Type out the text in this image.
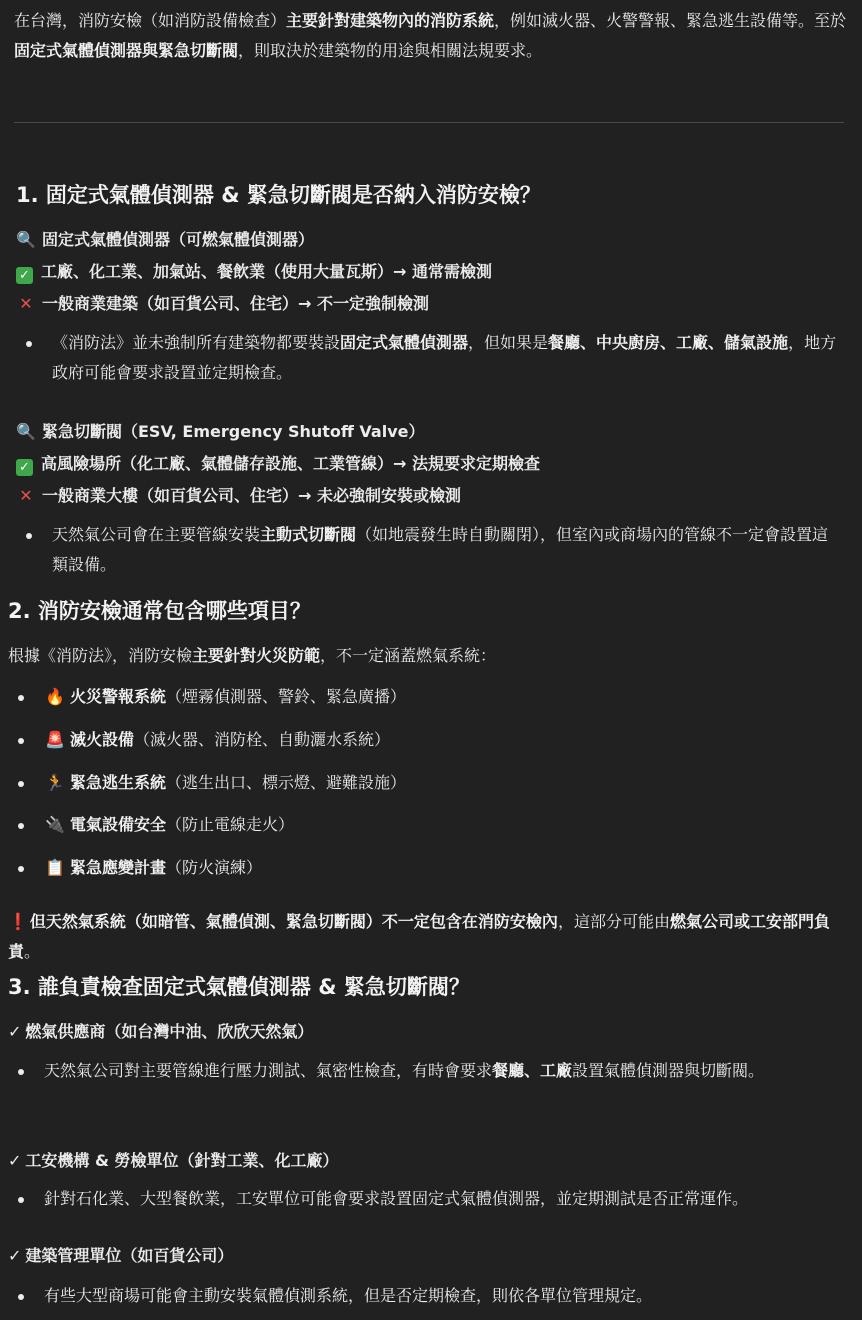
在台灣，消防安檢（如消防設備檢查）主要針對建築物內的消防系統，例如滅火器、火警警報、緊急逃生設備等。至於固定式氣體偵測器與緊急切斷閥，則取決於建築物的用途與相關法規要求。

1. 固定式氣體偵測器 & 緊急切斷閥是否納入消防安檢？
🔍 固定式氣體偵測器（可燃氣體偵測器）
✓ 工廠、化工業、加氣站、餐飲業（使用大量瓦斯）→ 通常需檢測
✕ 一般商業建築（如百貨公司、住宅）→ 不一定強制檢測

《消防法》並未強制所有建築物都要裝設固定式氣體偵測器，但如果是餐廳、中央廚房、工廠、儲氣設施，地方政府可能會要求設置並定期檢查。

🔍 緊急切斷閥（ESV, Emergency Shutoff Valve）
✓ 高風險場所（化工廠、氣體儲存設施、工業管線）→ 法規要求定期檢查
✕ 一般商業大樓（如百貨公司、住宅）→ 未必強制安裝或檢測

天然氣公司會在主要管線安裝主動式切斷閥（如地震發生時自動關閉），但室內或商場內的管線不一定會設置這類設備。

2. 消防安檢通常包含哪些項目？

根據《消防法》，消防安檢主要針對火災防範，不一定涵蓋燃氣系統：

🔥 火災警報系統（煙霧偵測器、警鈴、緊急廣播）
🚨 滅火設備（滅火器、消防栓、自動灑水系統）
🏃 緊急逃生系統（逃生出口、標示燈、避難設施）
🔌 電氣設備安全（防止電線走火）
📋 緊急應變計畫（防火演練）

❗ 但天然氣系統（如暗管、氣體偵測、緊急切斷閥）不一定包含在消防安檢內，這部分可能由燃氣公司或工安部門負責。

3. 誰負責檢查固定式氣體偵測器 & 緊急切斷閥？
✓ 燃氣供應商（如台灣中油、欣欣天然氣）

天然氣公司對主要管線進行壓力測試、氣密性檢查，有時會要求餐廳、工廠設置氣體偵測器與切斷閥。

✓ 工安機構 & 勞檢單位（針對工業、化工廠）

針對石化業、大型餐飲業，工安單位可能會要求設置固定式氣體偵測器，並定期測試是否正常運作。

✓ 建築管理單位（如百貨公司）

有些大型商場可能會主動安裝氣體偵測系統，但是否定期檢查，則依各單位管理規定。
